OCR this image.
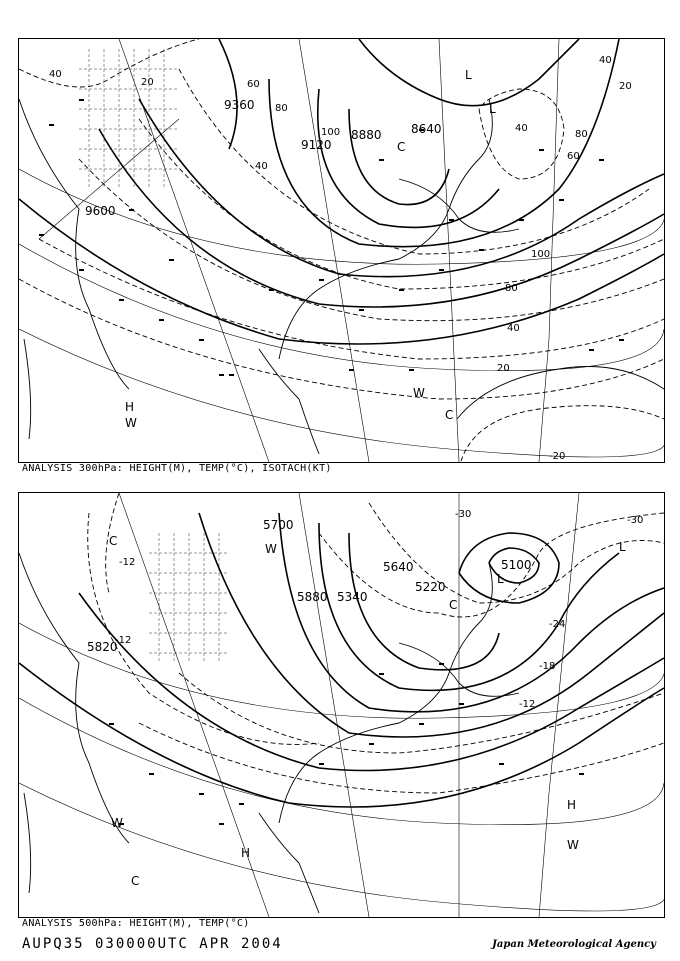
9360
9120
9600
8880 8640
20
40
60
80
100
40
60
80
100
80
40
20
40
20
40
-20
H
W
L
C
W
C
L
ANALYSIS 300hPa: HEIGHT(M), TEMP(°C), ISOTACH(KT)
5700
5880 5340
5640
5220
5100
5820
-12
-12
-30
-30
-24
-18
-12
C
W
L
C
L
H
W
H
W
C
ANALYSIS 500hPa: HEIGHT(M), TEMP(°C)
AUPQ35 030000UTC APR 2004	Japan Meteorological Agency
